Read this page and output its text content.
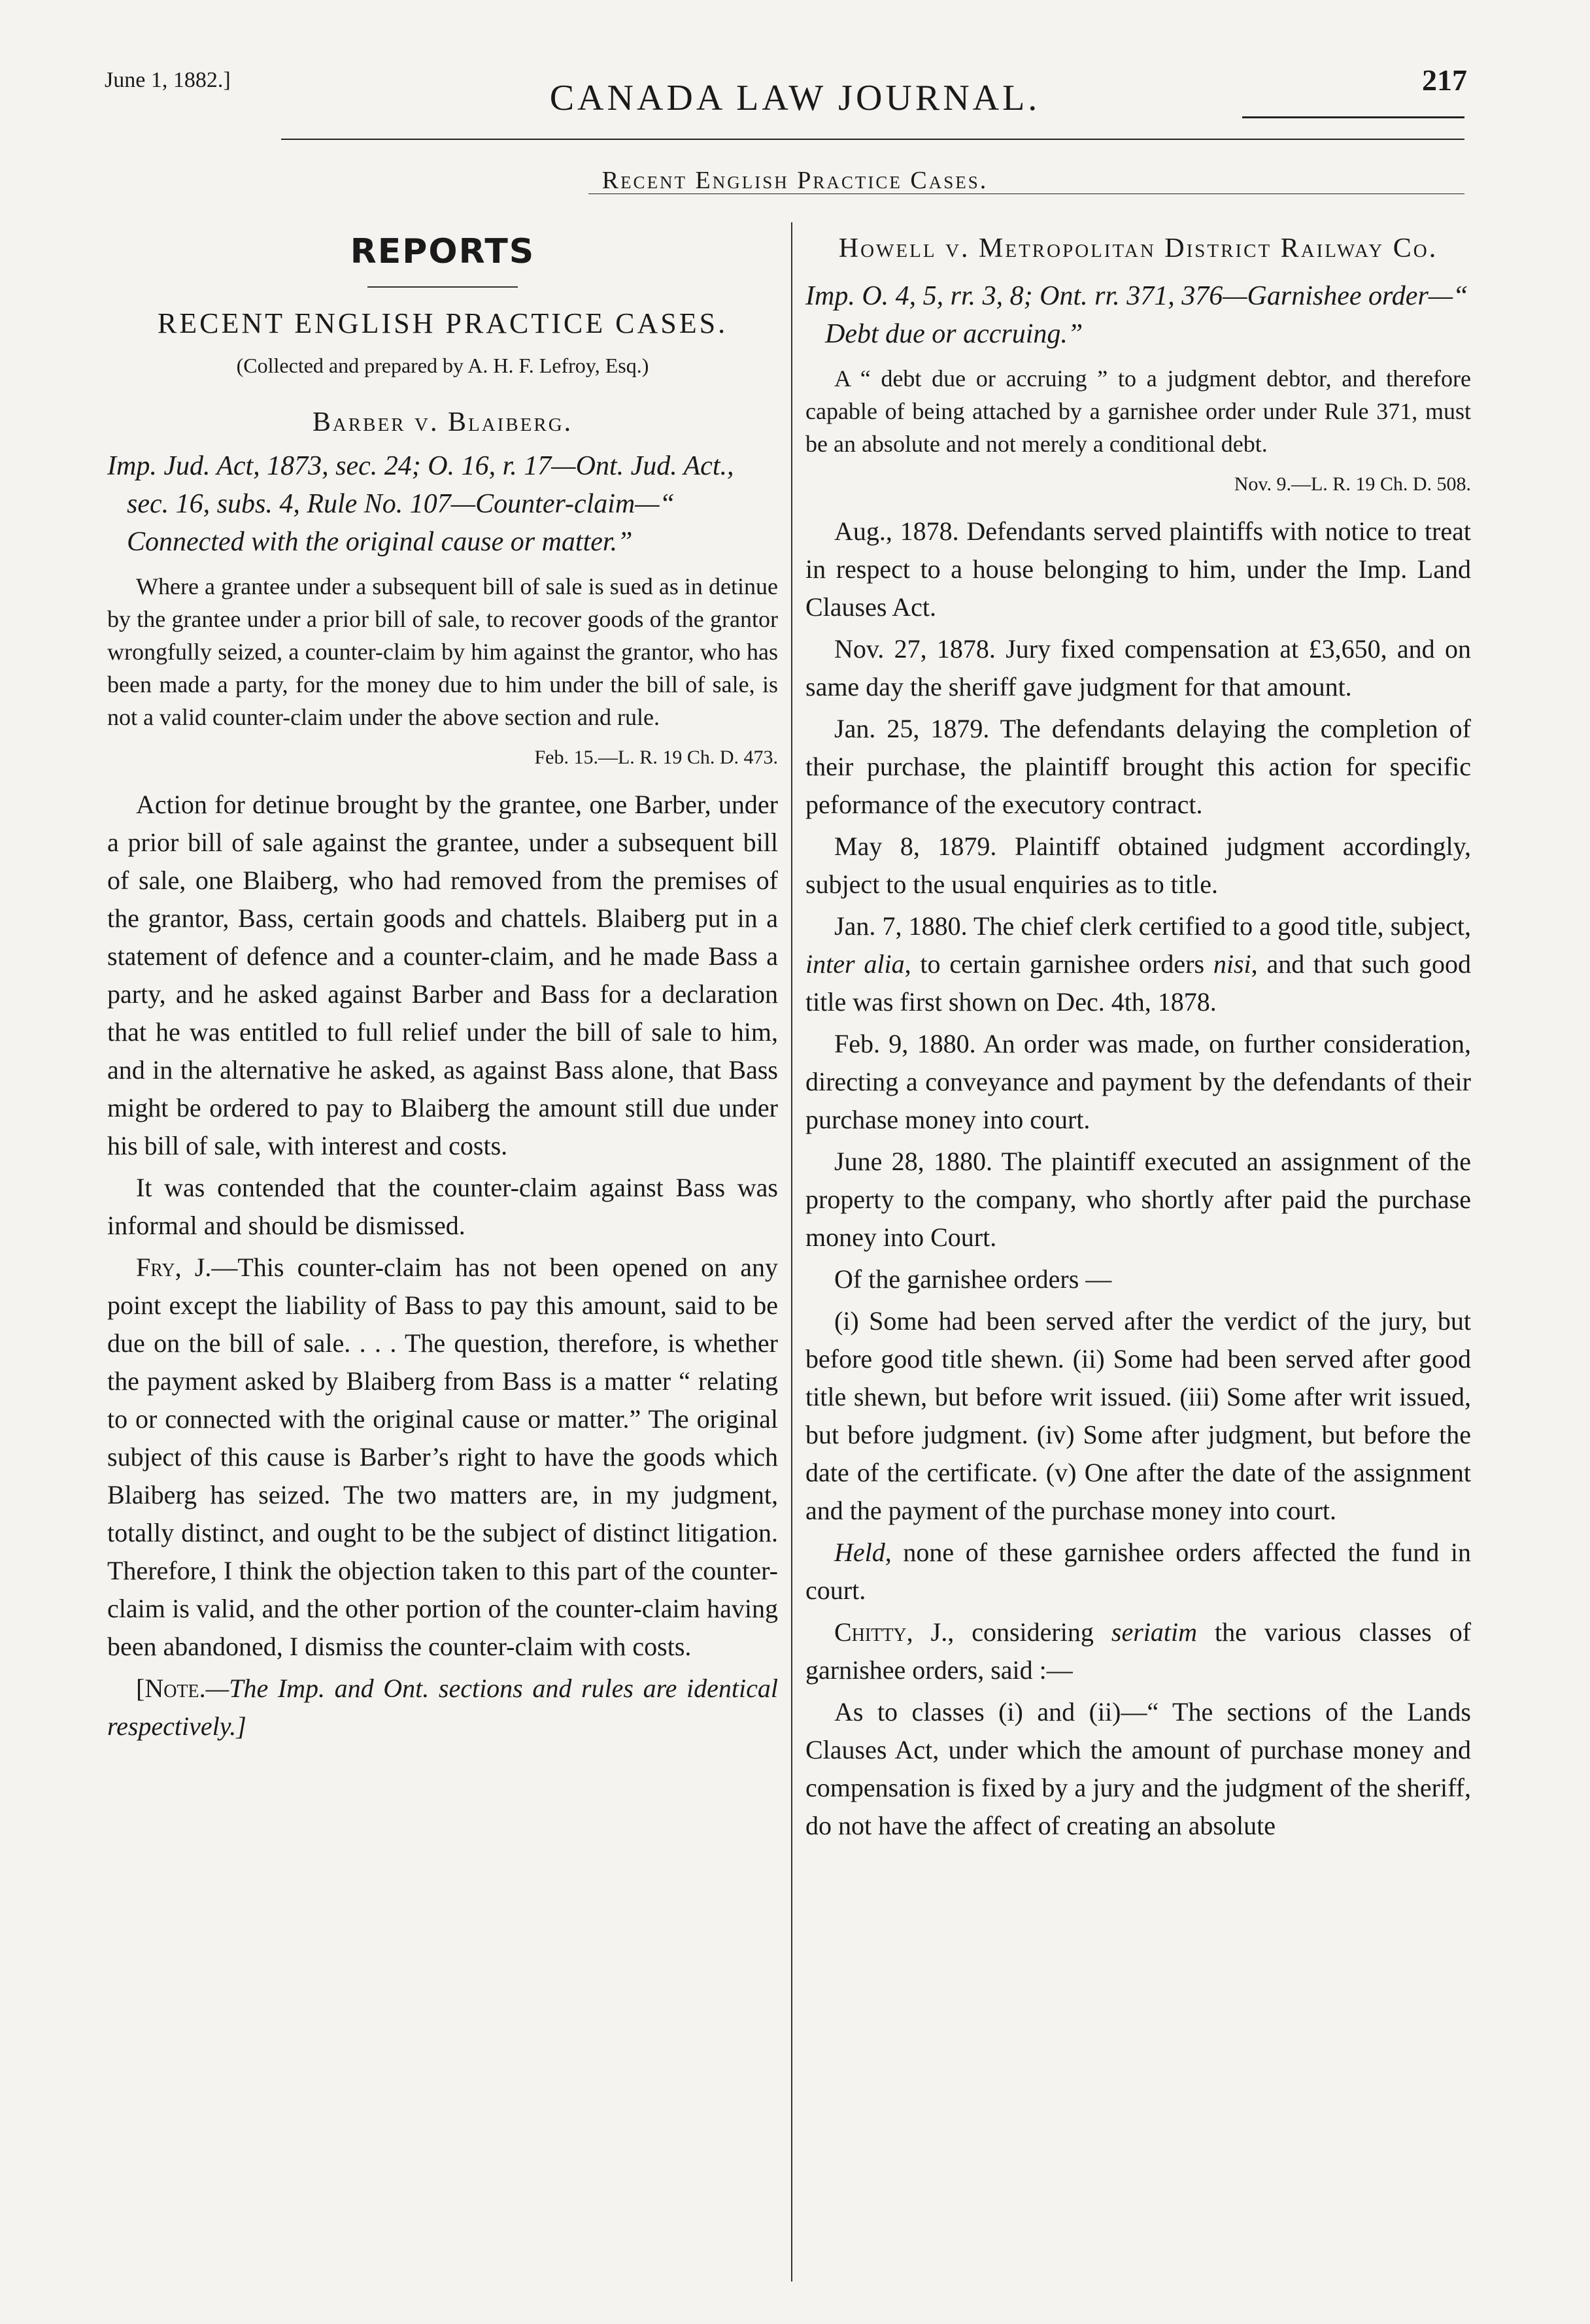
June 1, 1882.]	CANADA LAW JOURNAL.	217
Recent English Practice Cases.
REPORTS
RECENT ENGLISH PRACTICE CASES.
(Collected and prepared by A. H. F. Lefroy, Esq.)
Barber v. Blaiberg.
Imp. Jud. Act, 1873, sec. 24; O. 16, r. 17—Ont. Jud. Act., sec. 16, subs. 4, Rule No. 107—Counter-claim—“ Connected with the original cause or matter.”
Where a grantee under a subsequent bill of sale is sued as in detinue by the grantee under a prior bill of sale, to recover goods of the grantor wrongfully seized, a counter-claim by him against the grantor, who has been made a party, for the money due to him under the bill of sale, is not a valid counter-claim under the above section and rule.
Feb. 15.—L. R. 19 Ch. D. 473.

Action for detinue brought by the grantee, one Barber, under a prior bill of sale against the grantee, under a subsequent bill of sale, one Blaiberg, who had removed from the premises of the grantor, Bass, certain goods and chattels. Blaiberg put in a statement of defence and a counter-claim, and he made Bass a party, and he asked against Barber and Bass for a declaration that he was entitled to full relief under the bill of sale to him, and in the alternative he asked, as against Bass alone, that Bass might be ordered to pay to Blaiberg the amount still due under his bill of sale, with interest and costs.

It was contended that the counter-claim against Bass was informal and should be dismissed.

Fry, J.—This counter-claim has not been opened on any point except the liability of Bass to pay this amount, said to be due on the bill of sale. . . . The question, therefore, is whether the payment asked by Blaiberg from Bass is a matter “ relating to or connected with the original cause or matter.” The original subject of this cause is Barber’s right to have the goods which Blaiberg has seized. The two matters are, in my judgment, totally distinct, and ought to be the subject of distinct litigation. Therefore, I think the objection taken to this part of the counter-claim is valid, and the other portion of the counter-claim having been abandoned, I dismiss the counter-claim with costs.

[Note.—The Imp. and Ont. sections and rules are identical respectively.]

Howell v. Metropolitan District Railway Co.
Imp. O. 4, 5, rr. 3, 8; Ont. rr. 371, 376—Garnishee order—“ Debt due or accruing.”
A “ debt due or accruing ” to a judgment debtor, and therefore capable of being attached by a garnishee order under Rule 371, must be an absolute and not merely a conditional debt.
Nov. 9.—L. R. 19 Ch. D. 508.

Aug., 1878. Defendants served plaintiffs with notice to treat in respect to a house belonging to him, under the Imp. Land Clauses Act.

Nov. 27, 1878. Jury fixed compensation at £3,650, and on same day the sheriff gave judgment for that amount.

Jan. 25, 1879. The defendants delaying the completion of their purchase, the plaintiff brought this action for specific peformance of the executory contract.

May 8, 1879. Plaintiff obtained judgment accordingly, subject to the usual enquiries as to title.

Jan. 7, 1880. The chief clerk certified to a good title, subject, inter alia, to certain garnishee orders nisi, and that such good title was first shown on Dec. 4th, 1878.

Feb. 9, 1880. An order was made, on further consideration, directing a conveyance and payment by the defendants of their purchase money into court.

June 28, 1880. The plaintiff executed an assignment of the property to the company, who shortly after paid the purchase money into Court.

Of the garnishee orders —

(i) Some had been served after the verdict of the jury, but before good title shewn. (ii) Some had been served after good title shewn, but before writ issued. (iii) Some after writ issued, but before judgment. (iv) Some after judgment, but before the date of the certificate. (v) One after the date of the assignment and the payment of the purchase money into court.

Held, none of these garnishee orders affected the fund in court.

Chitty, J., considering seriatim the various classes of garnishee orders, said :—

As to classes (i) and (ii)—“ The sections of the Lands Clauses Act, under which the amount of purchase money and compensation is fixed by a jury and the judgment of the sheriff, do not have the affect of creating an absolute
